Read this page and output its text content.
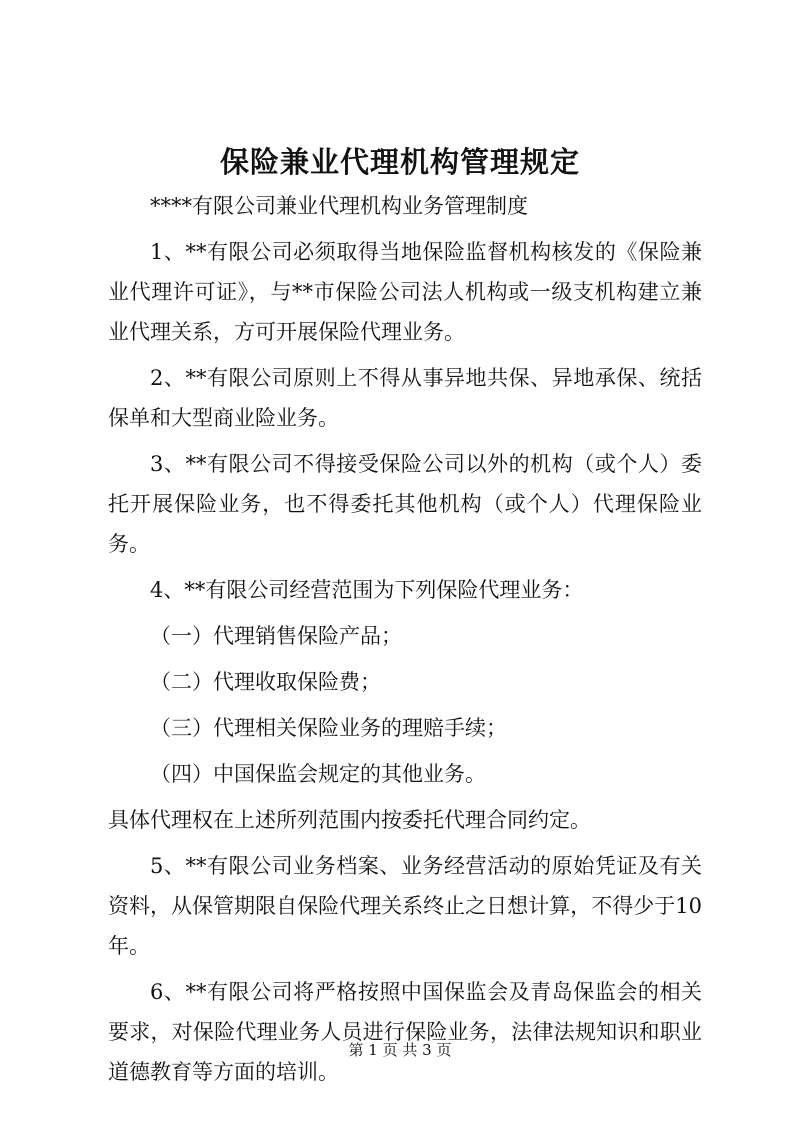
保险兼业代理机构管理规定

****有限公司兼业代理机构业务管理制度

1、**有限公司必须取得当地保险监督机构核发的《保险兼业代理许可证》，与**市保险公司法人机构或一级支机构建立兼业代理关系，方可开展保险代理业务。

2、**有限公司原则上不得从事异地共保、异地承保、统括保单和大型商业险业务。

3、**有限公司不得接受保险公司以外的机构（或个人）委托开展保险业务，也不得委托其他机构（或个人）代理保险业务。

4、**有限公司经营范围为下列保险代理业务：

（一）代理销售保险产品；

（二）代理收取保险费；

（三）代理相关保险业务的理赔手续；

（四）中国保监会规定的其他业务。

具体代理权在上述所列范围内按委托代理合同约定。

5、**有限公司业务档案、业务经营活动的原始凭证及有关资料，从保管期限自保险代理关系终止之日想计算，不得少于10年。

6、**有限公司将严格按照中国保监会及青岛保监会的相关要求，对保险代理业务人员进行保险业务，法律法规知识和职业道德教育等方面的培训。

第 1 页 共 3 页
